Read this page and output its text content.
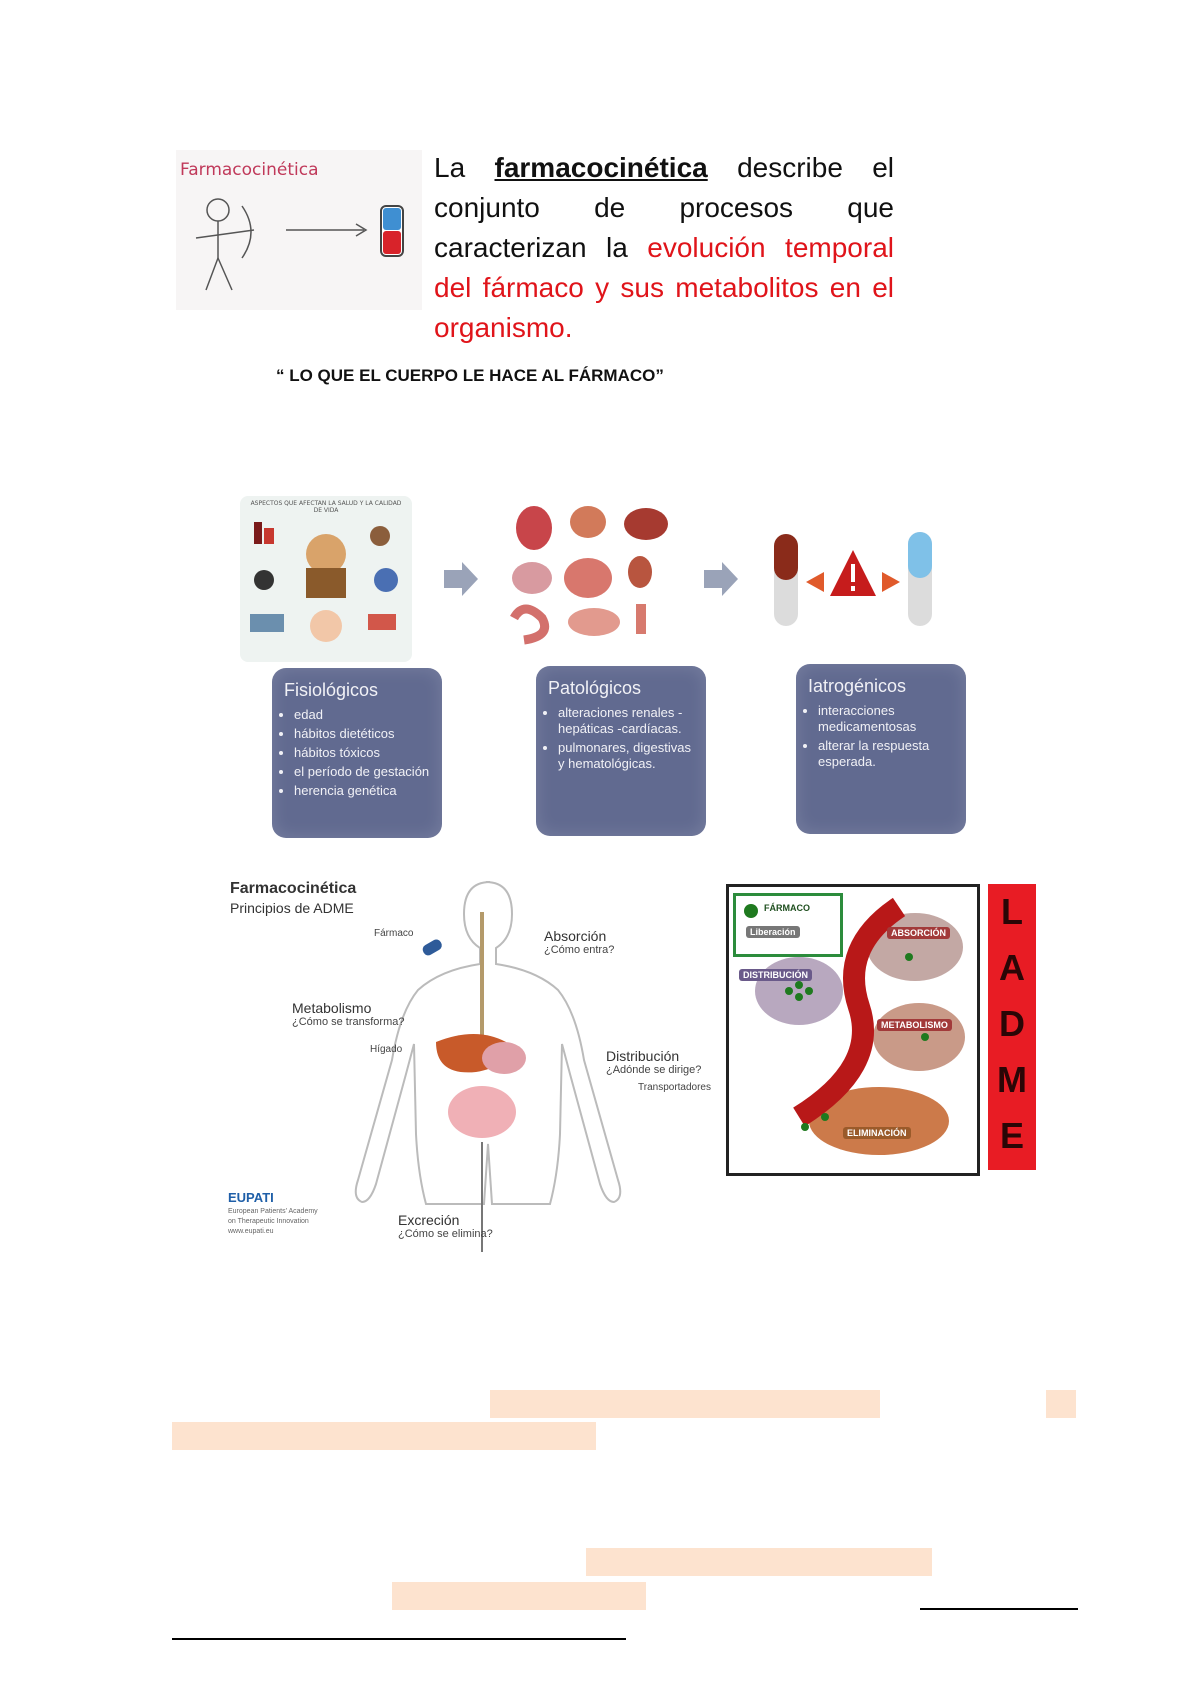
Farmacocinética	La farmacocinética describe el conjunto de procesos que caracterizan la evolución temporal del fármaco y sus metabolitos en el organismo.
“ LO QUE EL CUERPO LE HACE AL FÁRMACO”
ASPECTOS QUE AFECTAN LA SALUD Y LA CALIDAD DE VIDA
Fisiológicos
• edad
• hábitos dietéticos
• hábitos tóxicos
• el período de gestación
• herencia genética
Patológicos
• alteraciones renales -hepáticas -cardíacas.
• pulmonares, digestivas y hematológicas.
Iatrogénicos
• interacciones medicamentosas
• alterar la respuesta esperada.
Farmacocinética
Principios de ADME
Fármaco	Absorción
¿Cómo entra?
Metabolismo
¿Cómo se transforma?
Hígado	Distribución
¿Adónde se dirige?
Transportadores
Excreción
¿Cómo se elimina?
EUPATI
European Patients' Academy
on Therapeutic Innovation
www.eupati.eu
FÁRMACO
Liberación	ABSORCIÓN
DISTRIBUCIÓN
METABOLISMO
ELIMINACIÓN
L
A
D
M
E
